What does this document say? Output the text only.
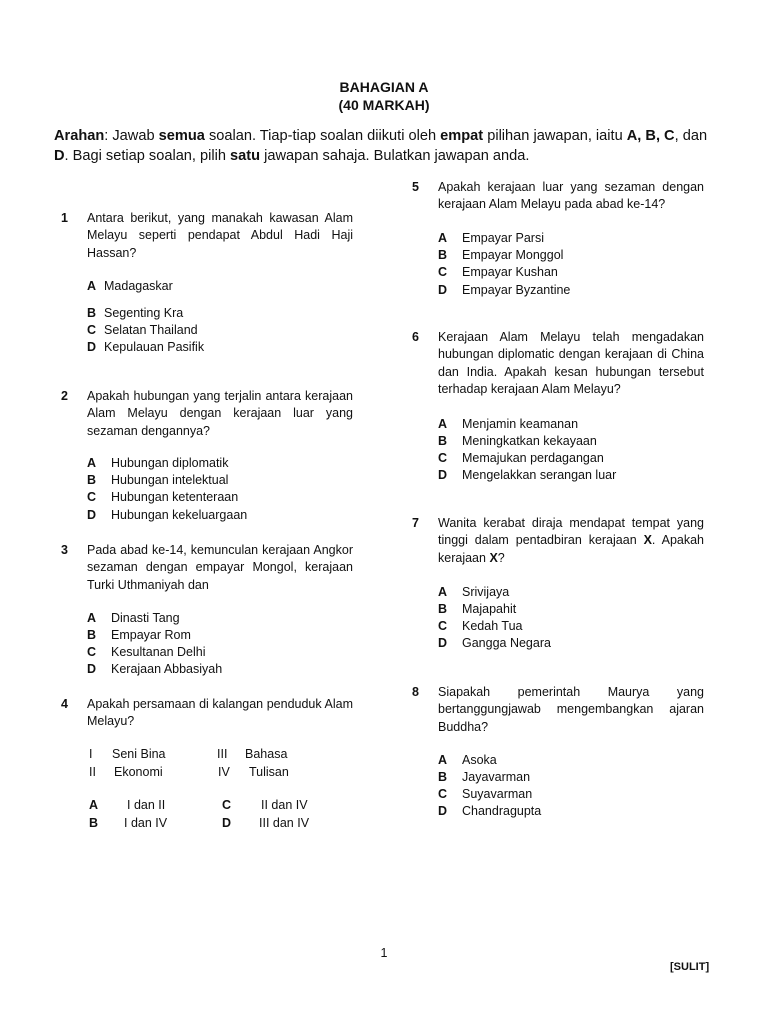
BAHAGIAN A
(40 MARKAH)
Arahan: Jawab semua soalan. Tiap-tiap soalan diikuti oleh empat pilihan jawapan, iaitu A, B, C, dan D. Bagi setiap soalan, pilih satu jawapan sahaja. Bulatkan jawapan anda.
1 Antara berikut, yang manakah kawasan Alam Melayu seperti pendapat Abdul Hadi Haji Hassan?
A Madagaskar
B Segenting Kra
C Selatan Thailand
D Kepulauan Pasifik
2 Apakah hubungan yang terjalin antara kerajaan Alam Melayu dengan kerajaan luar yang sezaman dengannya?
A Hubungan diplomatik
B Hubungan intelektual
C Hubungan ketenteraan
D Hubungan kekeluargaan
3 Pada abad ke-14, kemunculan kerajaan Angkor sezaman dengan empayar Mongol, kerajaan Turki Uthmaniyah dan
A Dinasti Tang
B Empayar Rom
C Kesultanan Delhi
D Kerajaan Abbasiyah
4 Apakah persamaan di kalangan penduduk Alam Melayu?
I Seni Bina
II Ekonomi
III Bahasa
IV Tulisan
A I dan II
B I dan IV
C II dan IV
D III dan IV
5 Apakah kerajaan luar yang sezaman dengan kerajaan Alam Melayu pada abad ke-14?
A Empayar Parsi
B Empayar Monggol
C Empayar Kushan
D Empayar Byzantine
6 Kerajaan Alam Melayu telah mengadakan hubungan diplomatic dengan kerajaan di China dan India. Apakah kesan hubungan tersebut terhadap kerajaan Alam Melayu?
A Menjamin keamanan
B Meningkatkan kekayaan
C Memajukan perdagangan
D Mengelakkan serangan luar
7 Wanita kerabat diraja mendapat tempat yang tinggi dalam pentadbiran kerajaan X. Apakah kerajaan X?
A Srivijaya
B Majapahit
C Kedah Tua
D Gangga Negara
8 Siapakah pemerintah Maurya yang bertanggungjawab mengembangkan ajaran Buddha?
A Asoka
B Jayavarman
C Suyavarman
D Chandragupta
1
[SULIT]
